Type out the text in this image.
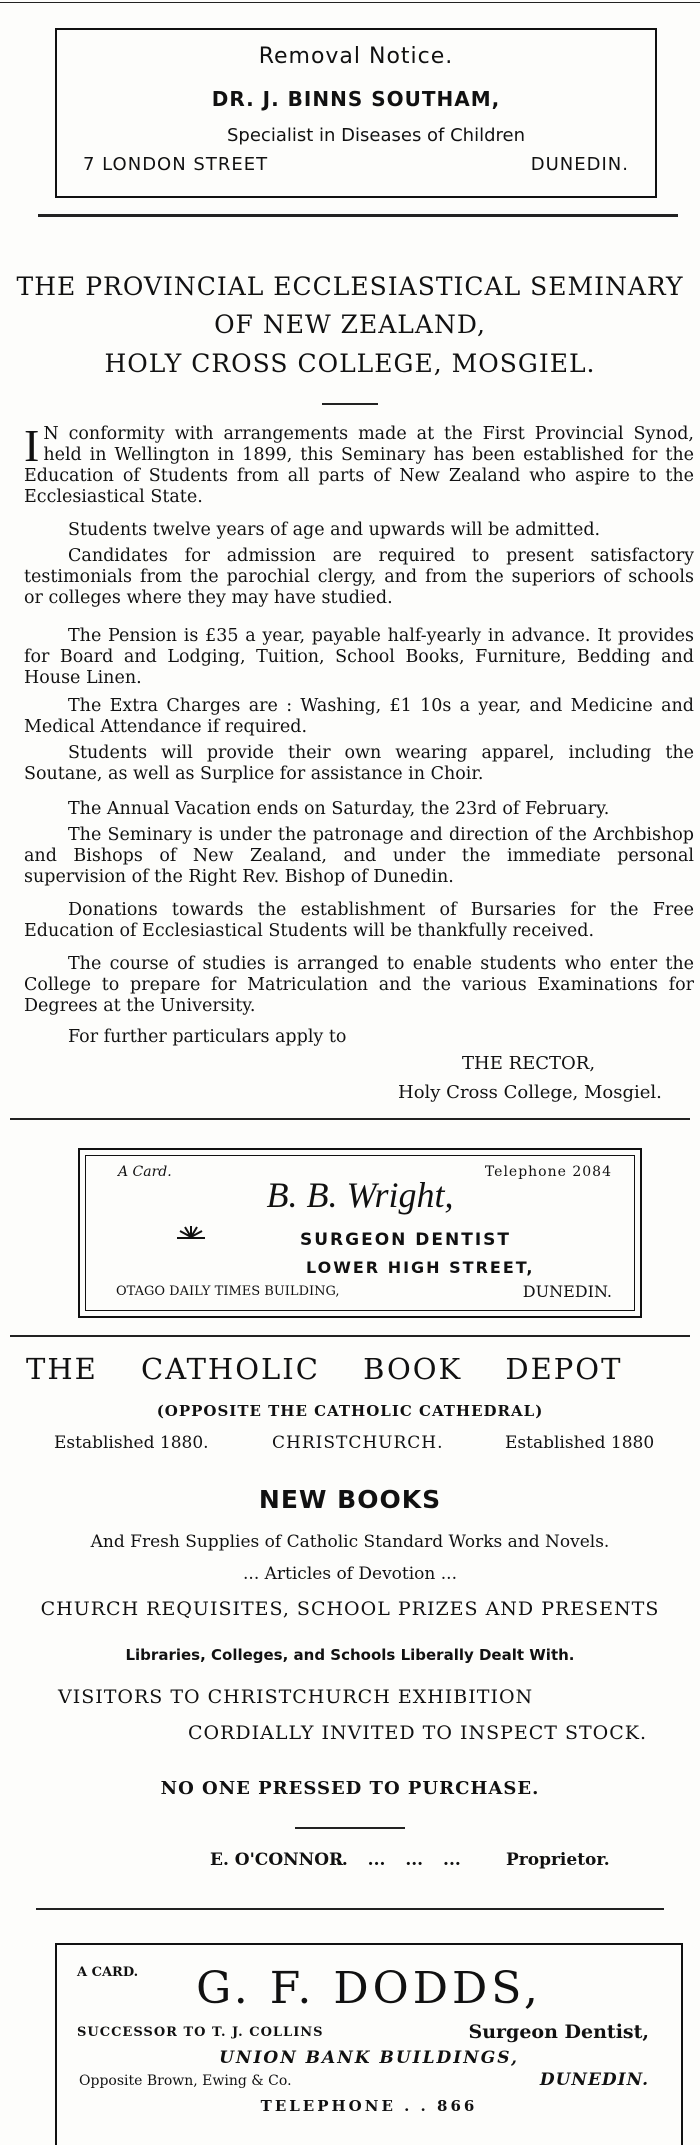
Removal Notice.
DR. J. BINNS SOUTHAM,
Specialist in Diseases of Children
7 LONDON STREET	DUNEDIN.
THE PROVINCIAL ECCLESIASTICAL SEMINARY
OF NEW ZEALAND,
HOLY CROSS COLLEGE, MOSGIEL.
I N conformity with arrangements made at the First Provincial Synod, held in Wellington in 1899, this Seminary has been established for the Education of Students from all parts of New Zealand who aspire to the Ecclesiastical State.
Students twelve years of age and upwards will be admitted.
Candidates for admission are required to present satisfactory testimonials from the parochial clergy, and from the superiors of schools or colleges where they may have studied.
The Pension is £35 a year, payable half-yearly in advance. It provides for Board and Lodging, Tuition, School Books, Furniture, Bedding and House Linen.
The Extra Charges are : Washing, £1 10s a year, and Medicine and Medical Attendance if required.
Students will provide their own wearing apparel, including the Soutane, as well as Surplice for assistance in Choir.
The Annual Vacation ends on Saturday, the 23rd of February.
The Seminary is under the patronage and direction of the Archbishop and Bishops of New Zealand, and under the immediate personal supervision of the Right Rev. Bishop of Dunedin.
Donations towards the establishment of Bursaries for the Free Education of Ecclesiastical Students will be thankfully received.
The course of studies is arranged to enable students who enter the College to prepare for Matriculation and the various Examinations for Degrees at the University.
For further particulars apply to
THE RECTOR,
Holy Cross College, Mosgiel.
A Card.	Telephone 2084
B. B. Wright,
SURGEON DENTIST
LOWER HIGH STREET,
OTAGO DAILY TIMES BUILDING,	DUNEDIN.
THE CATHOLIC BOOK DEPOT
(OPPOSITE THE CATHOLIC CATHEDRAL)
Established 1880.	CHRISTCHURCH.	Established 1880
NEW BOOKS
And Fresh Supplies of Catholic Standard Works and Novels.
... Articles of Devotion ...
CHURCH REQUISITES, SCHOOL PRIZES AND PRESENTS
Libraries, Colleges, and Schools Liberally Dealt With.
VISITORS TO CHRISTCHURCH EXHIBITION
CORDIALLY INVITED TO INSPECT STOCK.
NO ONE PRESSED TO PURCHASE.
E. O'CONNOR
... ... ... ...	Proprietor.
A CARD.	G. F. DODDS,
SUCCESSOR TO T. J. COLLINS	Surgeon Dentist,
UNION BANK BUILDINGS,
Opposite Brown, Ewing & Co.	DUNEDIN.
TELEPHONE . . 866
